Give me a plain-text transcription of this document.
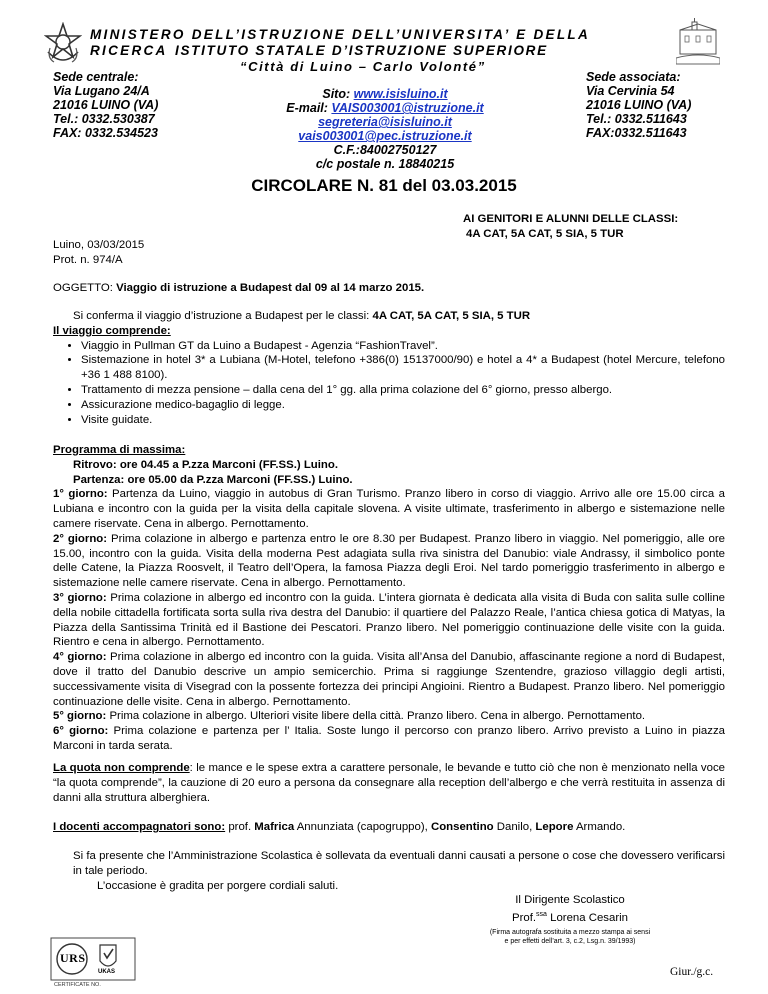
MINISTERO DELL’ISTRUZIONE DELL’UNIVERSITA’ E DELLA RICERCA ISTITUTO STATALE D’ISTRUZIONE SUPERIORE
“Città di Luino – Carlo Volonté”
Sede centrale:
Via Lugano 24/A
21016 LUINO (VA)
Tel.: 0332.530387
FAX: 0332.534523
Sito: www.isisluino.it
E-mail: VAIS003001@istruzione.it
segreteria@isisluino.it
vais003001@pec.istruzione.it
C.F.:84002750127
c/c postale n. 18840215
Sede associata:
Via Cervinia 54
21016 LUINO (VA)
Tel.: 0332.511643
FAX:0332.511643
CIRCOLARE N. 81 del 03.03.2015
AI GENITORI E ALUNNI DELLE CLASSI:
4A CAT, 5A CAT, 5 SIA, 5 TUR
Luino, 03/03/2015
Prot. n. 974/A
OGGETTO: Viaggio di istruzione a Budapest dal 09 al 14 marzo 2015.
Si conferma il viaggio d’istruzione a Budapest per le classi: 4A CAT, 5A CAT, 5 SIA, 5 TUR
Il viaggio comprende:
• Viaggio in Pullman GT da Luino a Budapest - Agenzia “FashionTravel”.
• Sistemazione in hotel 3* a Lubiana (M-Hotel, telefono +386(0) 15137000/90) e hotel a 4* a Budapest (hotel Mercure, telefono +36 1 488 8100).
• Trattamento di mezza pensione – dalla cena del 1° gg. alla prima colazione del 6° giorno, presso albergo.
• Assicurazione medico-bagaglio di legge.
• Visite guidate.
Programma di massima:
Ritrovo: ore 04.45 a P.zza Marconi (FF.SS.) Luino.
Partenza: ore 05.00 da P.zza Marconi (FF.SS.) Luino.
1° giorno: Partenza da Luino, viaggio in autobus di Gran Turismo. Pranzo libero in corso di viaggio. Arrivo alle ore 15.00 circa a Lubiana e incontro con la guida per la visita della capitale slovena. A visite ultimate, trasferimento in albergo e sistemazione nelle camere riservate. Cena in albergo. Pernottamento.
2° giorno: Prima colazione in albergo e partenza entro le ore 8.30 per Budapest. Pranzo libero in viaggio. Nel pomeriggio, alle ore 15.00, incontro con la guida. Visita della moderna Pest adagiata sulla riva sinistra del Danubio: viale Andrassy, il simbolico ponte delle Catene, la Piazza Roosvelt, il Teatro dell’Opera, la famosa Piazza degli Eroi. Nel tardo pomeriggio trasferimento in albergo e sistemazione nelle camere riservate. Cena in albergo. Pernottamento.
3° giorno: Prima colazione in albergo ed incontro con la guida. L’intera giornata è dedicata alla visita di Buda con salita sulle colline della nobile cittadella fortificata sorta sulla riva destra del Danubio: il quartiere del Palazzo Reale, l’antica chiesa gotica di Matyas, la Piazza della Santissima Trinità ed il Bastione dei Pescatori. Pranzo libero. Nel pomeriggio continuazione delle visite con la guida. Rientro e cena in albergo. Pernottamento.
4° giorno: Prima colazione in albergo ed incontro con la guida. Visita all’Ansa del Danubio, affascinante regione a nord di Budapest, dove il tratto del Danubio descrive un ampio semicerchio. Prima si raggiunge Szentendre, grazioso villaggio degli artisti, successivamente visita di Visegrad con la possente fortezza dei principi Angioini. Rientro a Budapest. Pranzo libero. Nel pomeriggio continuazione delle visite. Cena in albergo. Pernottamento.
5° giorno: Prima colazione in albergo. Ulteriori visite libere della città. Pranzo libero. Cena in albergo. Pernottamento.
6° giorno: Prima colazione e partenza per l’ Italia. Soste lungo il percorso con pranzo libero. Arrivo previsto a Luino in piazza Marconi in tarda serata.
La quota non comprende: le mance e le spese extra a carattere personale, le bevande e tutto ciò che non è menzionato nella voce “la quota comprende”, la cauzione di 20 euro a persona da consegnare alla reception dell’albergo e che verrà restituita in assenza di danni alla struttura alberghiera.
I docenti accompagnatori sono: prof. Mafrica Annunziata (capogruppo), Consentino Danilo, Lepore Armando.
Si fa presente che l’Amministrazione Scolastica è sollevata da eventuali danni causati a persone o cose che dovessero verificarsi in tale periodo.
L’occasione è gradita per porgere cordiali saluti.
Il Dirigente Scolastico
Prof.$^{ssa}$ Lorena Cesarin
(Firma autografa sostituita a mezzo stampa ai sensi
e per effetti dell’art. 3, c.2, Lsg.n. 39/1993)
URS
UKAS
CERTIFICATE NO.
Giur./g.c.
